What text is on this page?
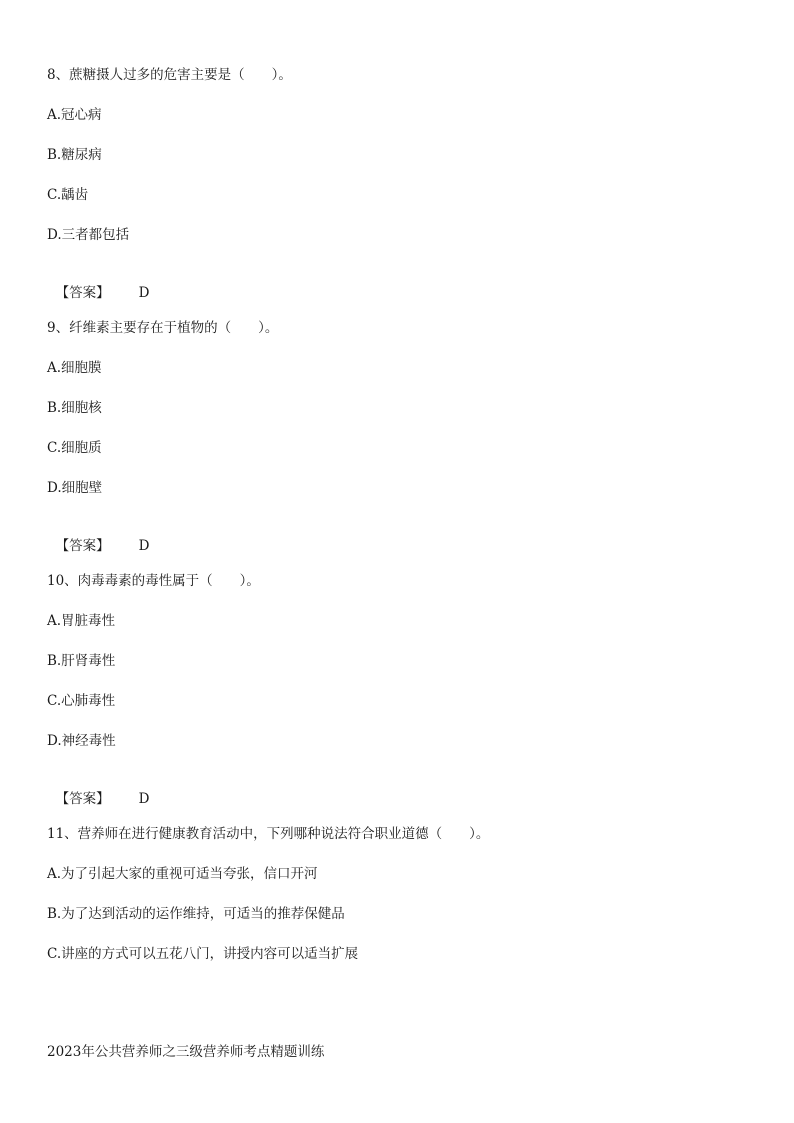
8、蔗糖摄人过多的危害主要是（　　）。
A.冠心病
B.糖尿病
C.龋齿
D.三者都包括

【答案】 D

9、纤维素主要存在于植物的（　　）。
A.细胞膜
B.细胞核
C.细胞质
D.细胞壁

【答案】 D

10、肉毒毒素的毒性属于（　　）。
A.胃脏毒性
B.肝肾毒性
C.心肺毒性
D.神经毒性

【答案】 D

11、营养师在进行健康教育活动中，下列哪种说法符合职业道德（　　）。
A.为了引起大家的重视可适当夸张，信口开河
B.为了达到活动的运作维持，可适当的推荐保健品
C.讲座的方式可以五花八门，讲授内容可以适当扩展
2023年公共营养师之三级营养师考点精题训练
